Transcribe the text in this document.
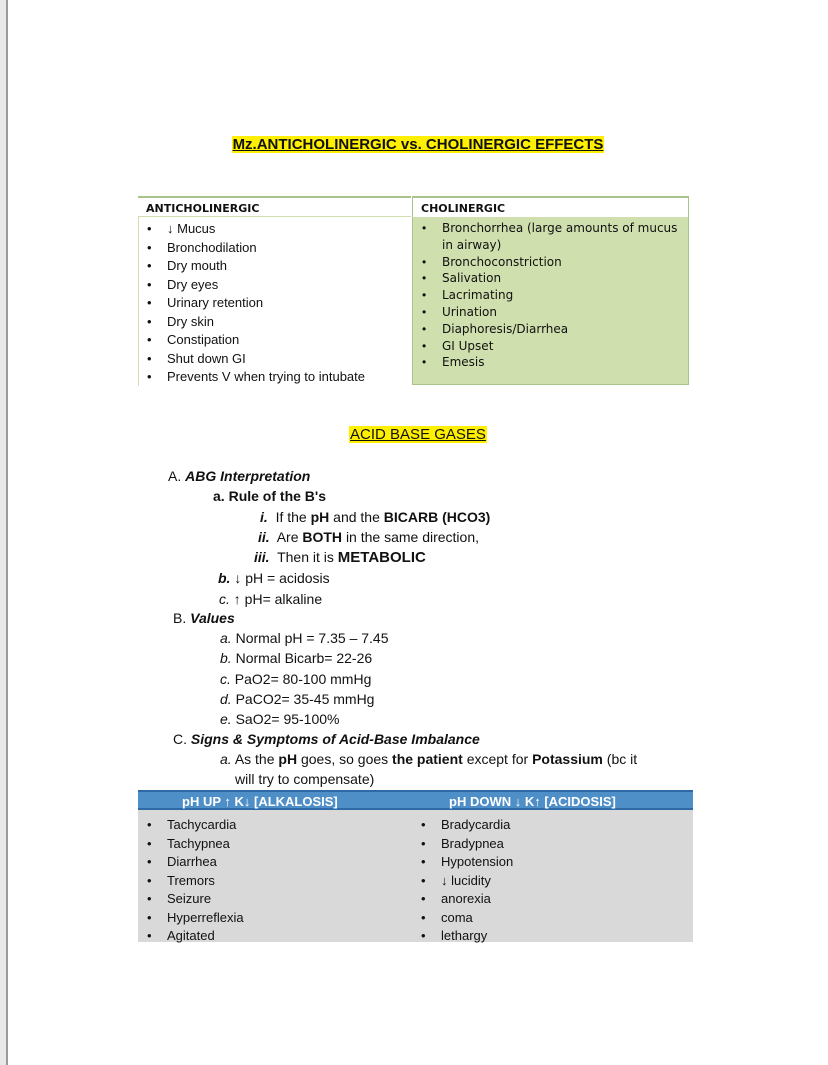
Mz.ANTICHOLINERGIC vs. CHOLINERGIC EFFECTS
ANTICHOLINERGIC
• ↓ Mucus
• Bronchodilation
• Dry mouth
• Dry eyes
• Urinary retention
• Dry skin
• Constipation
• Shut down GI
• Prevents V when trying to intubate
CHOLINERGIC
• Bronchorrhea (large amounts of mucus in airway)
• Bronchoconstriction
• Salivation
• Lacrimating
• Urination
• Diaphoresis/Diarrhea
• GI Upset
• Emesis
ACID BASE GASES
A. ABG Interpretation
a. Rule of the B's
i. If the pH and the BICARB (HCO3)
ii. Are BOTH in the same direction,
iii. Then it is METABOLIC
b. ↓ pH = acidosis
c. ↑ pH= alkaline
B. Values
a. Normal pH = 7.35 – 7.45
b. Normal Bicarb= 22-26
c. PaO2= 80-100 mmHg
d. PaCO2= 35-45 mmHg
e. SaO2= 95-100%
C. Signs & Symptoms of Acid-Base Imbalance
a. As the pH goes, so goes the patient except for Potassium (bc it
will try to compensate)
pH UP ↑ K↓ [ALKALOSIS]	pH DOWN ↓ K↑ [ACIDOSIS]
• Tachycardia
• Tachypnea
• Diarrhea
• Tremors
• Seizure
• Hyperreflexia
• Agitated
• Bradycardia
• Bradypnea
• Hypotension
• ↓ lucidity
• anorexia
• coma
• lethargy
